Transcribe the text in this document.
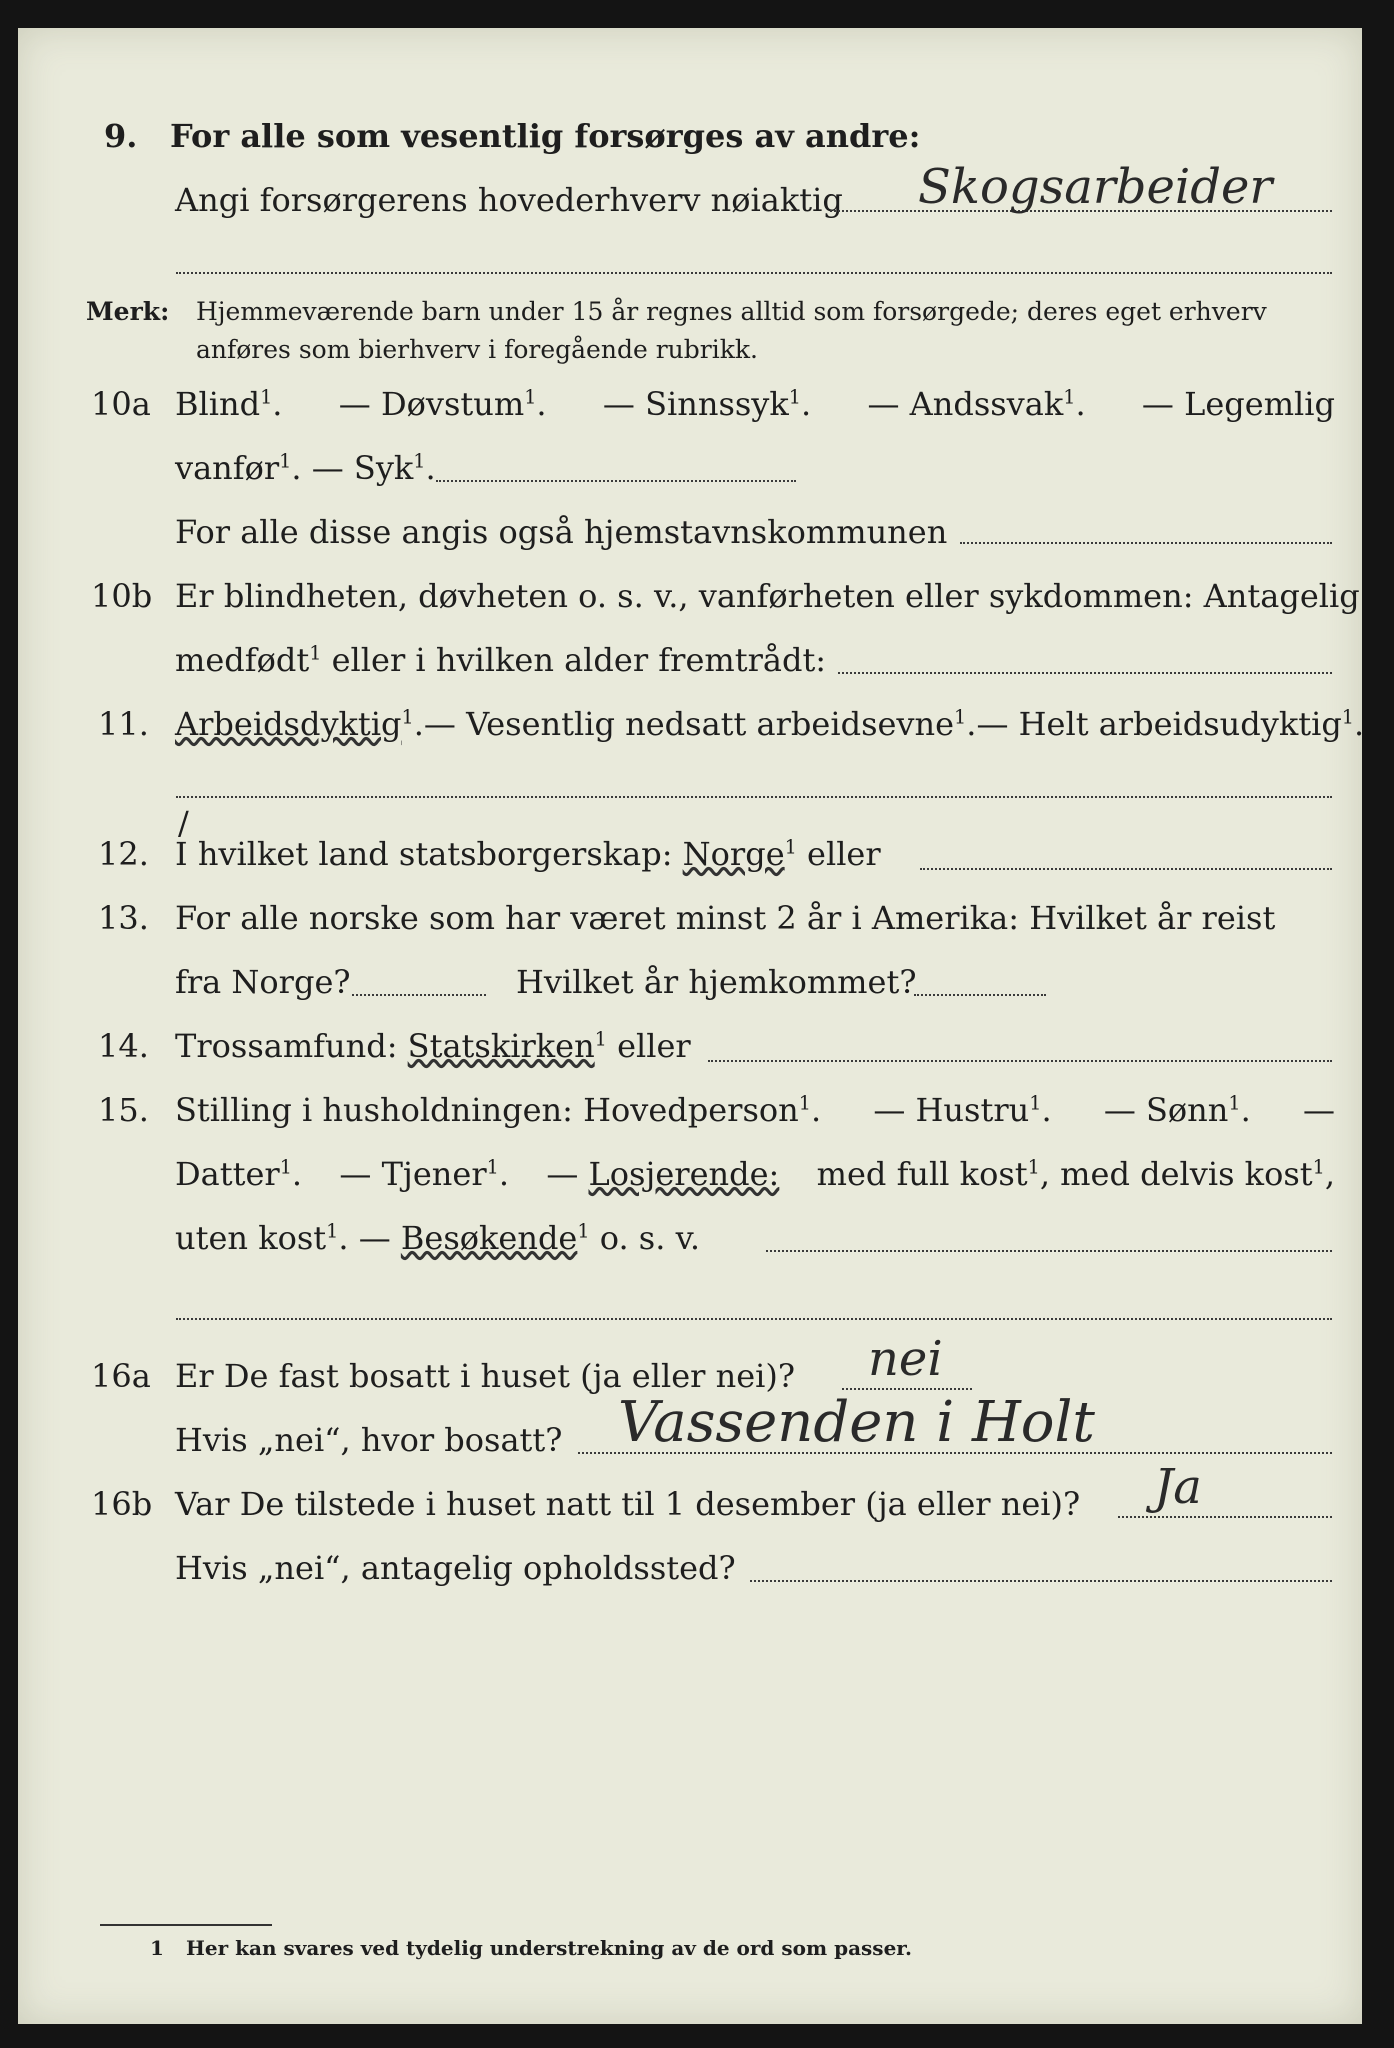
9. For alle som vesentlig forsørges av andre:
Angi forsørgerens hovederhverv nøiaktig Skogsarbeider
Merk: Hjemmeværende barn under 15 år regnes alltid som forsørgede; deres eget erhverv
anføres som bierhverv i foregående rubrikk.
10a Blind$^1$. — Døvstum$^1$. — Sinnssyk$^1$. — Andssvak$^1$. — Legemlig
vanfør$^1$. — Syk$^1$.
For alle disse angis også hjemstavnskommunen
10b Er blindheten, døvheten o. s. v., vanførheten eller sykdommen: Antagelig
medfødt$^1$ eller i hvilken alder fremtrådt:
11. Arbeidsdyktig$^1$. — Vesentlig nedsatt arbeidsevne$^1$. — Helt arbeidsudyktig$^1$.
/
12. I hvilket land statsborgerskap: Norge$^1$ eller
13. For alle norske som har været minst 2 år i Amerika: Hvilket år reist
fra Norge?	Hvilket år hjemkommet?
14. Trossamfund: Statskirken$^1$ eller
15. Stilling i husholdningen: Hovedperson$^1$. — Hustru$^1$. — Sønn$^1$. —
Datter$^1$. — Tjener$^1$. — Losjerende: med full kost$^1$, med delvis kost$^1$,
uten kost$^1$. — Besøkende$^1$ o. s. v.
16a Er De fast bosatt i huset (ja eller nei)? nei
Hvis „nei“, hvor bosatt? Vassenden i Holt
16b Var De tilstede i huset natt til 1 desember (ja eller nei)? Ja
Hvis „nei“, antagelig opholdssted?
1 Her kan svares ved tydelig understrekning av de ord som passer.
